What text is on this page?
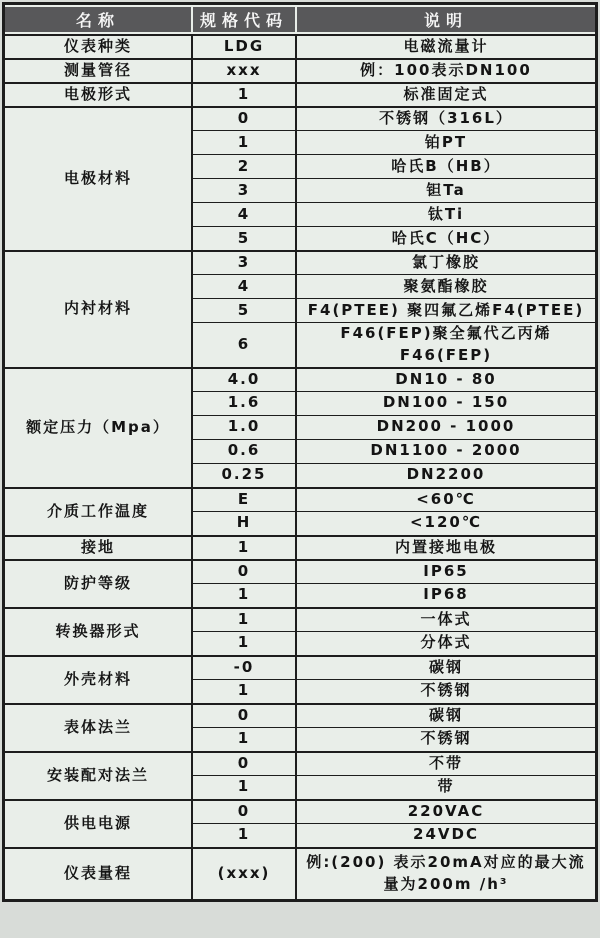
名称	规格代码	说明
仪表种类	LDG	电磁流量计
测量管径	xxx	例：100表示DN100
电极形式	1	标准固定式
电极材料	0	不锈钢（316L）
	1	铂PT
	2	哈氏B（HB）
	3	钽Ta
	4	钛Ti
	5	哈氏C（HC）
内衬材料	3	氯丁橡胶
	4	聚氨酯橡胶
	5	F4(PTEE) 聚四氟乙烯F4(PTEE)
	6	F46(FEP)聚全氟代乙丙烯F46(FEP)
额定压力（Mpa）	4.0	DN10 - 80
	1.6	DN100 - 150
	1.0	DN200 - 1000
	0.6	DN1100 - 2000
	0.25	DN2200
介质工作温度	E	<60℃
	H	<120℃
接地	1	内置接地电极
防护等级	0	IP65
	1	IP68
转换器形式	1	一体式
	1	分体式
外壳材料	-0	碳钢
	1	不锈钢
表体法兰	0	碳钢
	1	不锈钢
安装配对法兰	0	不带
	1	带
供电电源	0	220VAC
	1	24VDC
仪表量程	(xxx)	例:(200) 表示20mA对应的最大流量为200m /h³
